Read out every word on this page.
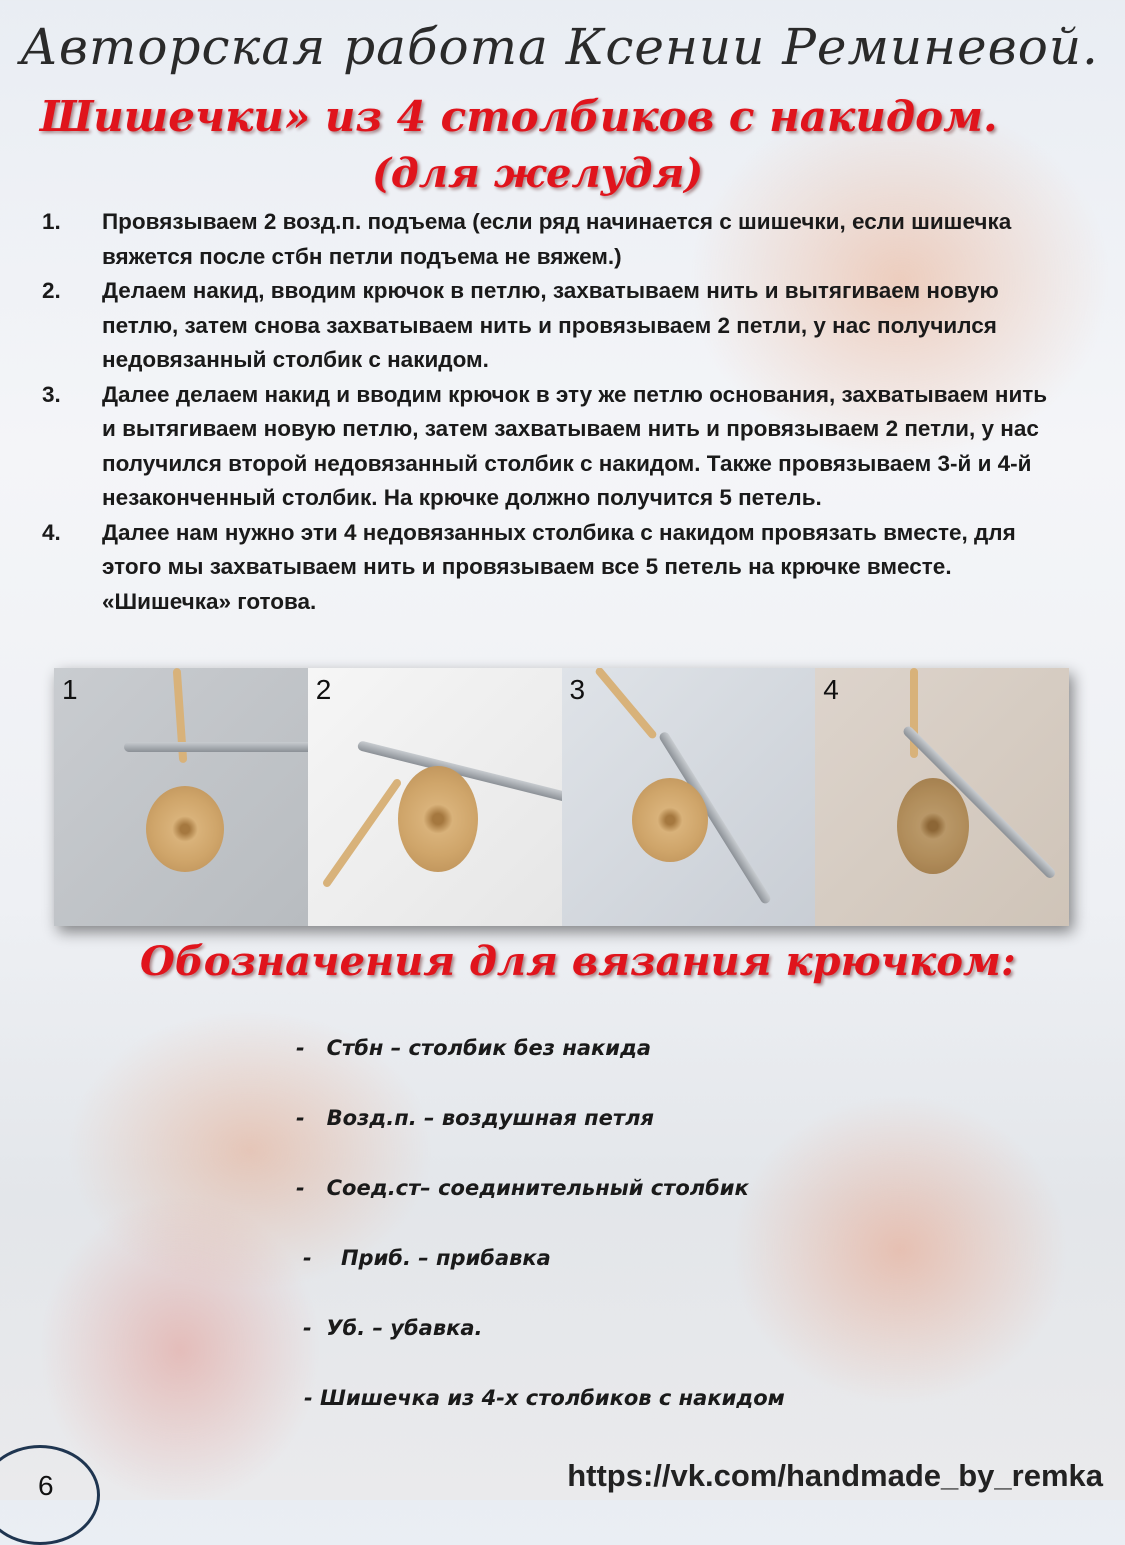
Авторская работа Ксении Реминевой.
Шишечки» из 4 столбиков с накидом.
(для желудя)
1.	Провязываем 2 возд.п. подъема (если ряд начинается с шишечки, если шишечка вяжется после стбн петли подъема не вяжем.)
2.	Делаем накид, вводим крючок в петлю, захватываем нить и вытягиваем новую петлю, затем снова захватываем нить и провязываем 2 петли, у нас получился недовязанный столбик с накидом.
3.	Далее делаем накид и вводим крючок в эту же петлю основания, захватываем нить и вытягиваем новую петлю, затем захватываем нить и провязываем 2 петли, у нас получился второй недовязанный столбик с накидом. Также провязываем 3-й и 4-й незаконченный столбик. На крючке должно получится 5 петель.
4.	Далее нам нужно эти 4 недовязанных столбика с накидом провязать вместе, для этого мы захватываем нить и провязываем все 5 петель на крючке вместе. «Шишечка» готова.
1	2	3	4
Обозначения для вязания крючком:
-   Стбн – столбик без накида
-   Возд.п. – воздушная петля
-   Соед.ст– соединительный столбик
-    Приб. – прибавка
-  Уб. – убавка.
- Шишечка из 4-х столбиков с накидом
6	https://vk.com/handmade_by_remka
